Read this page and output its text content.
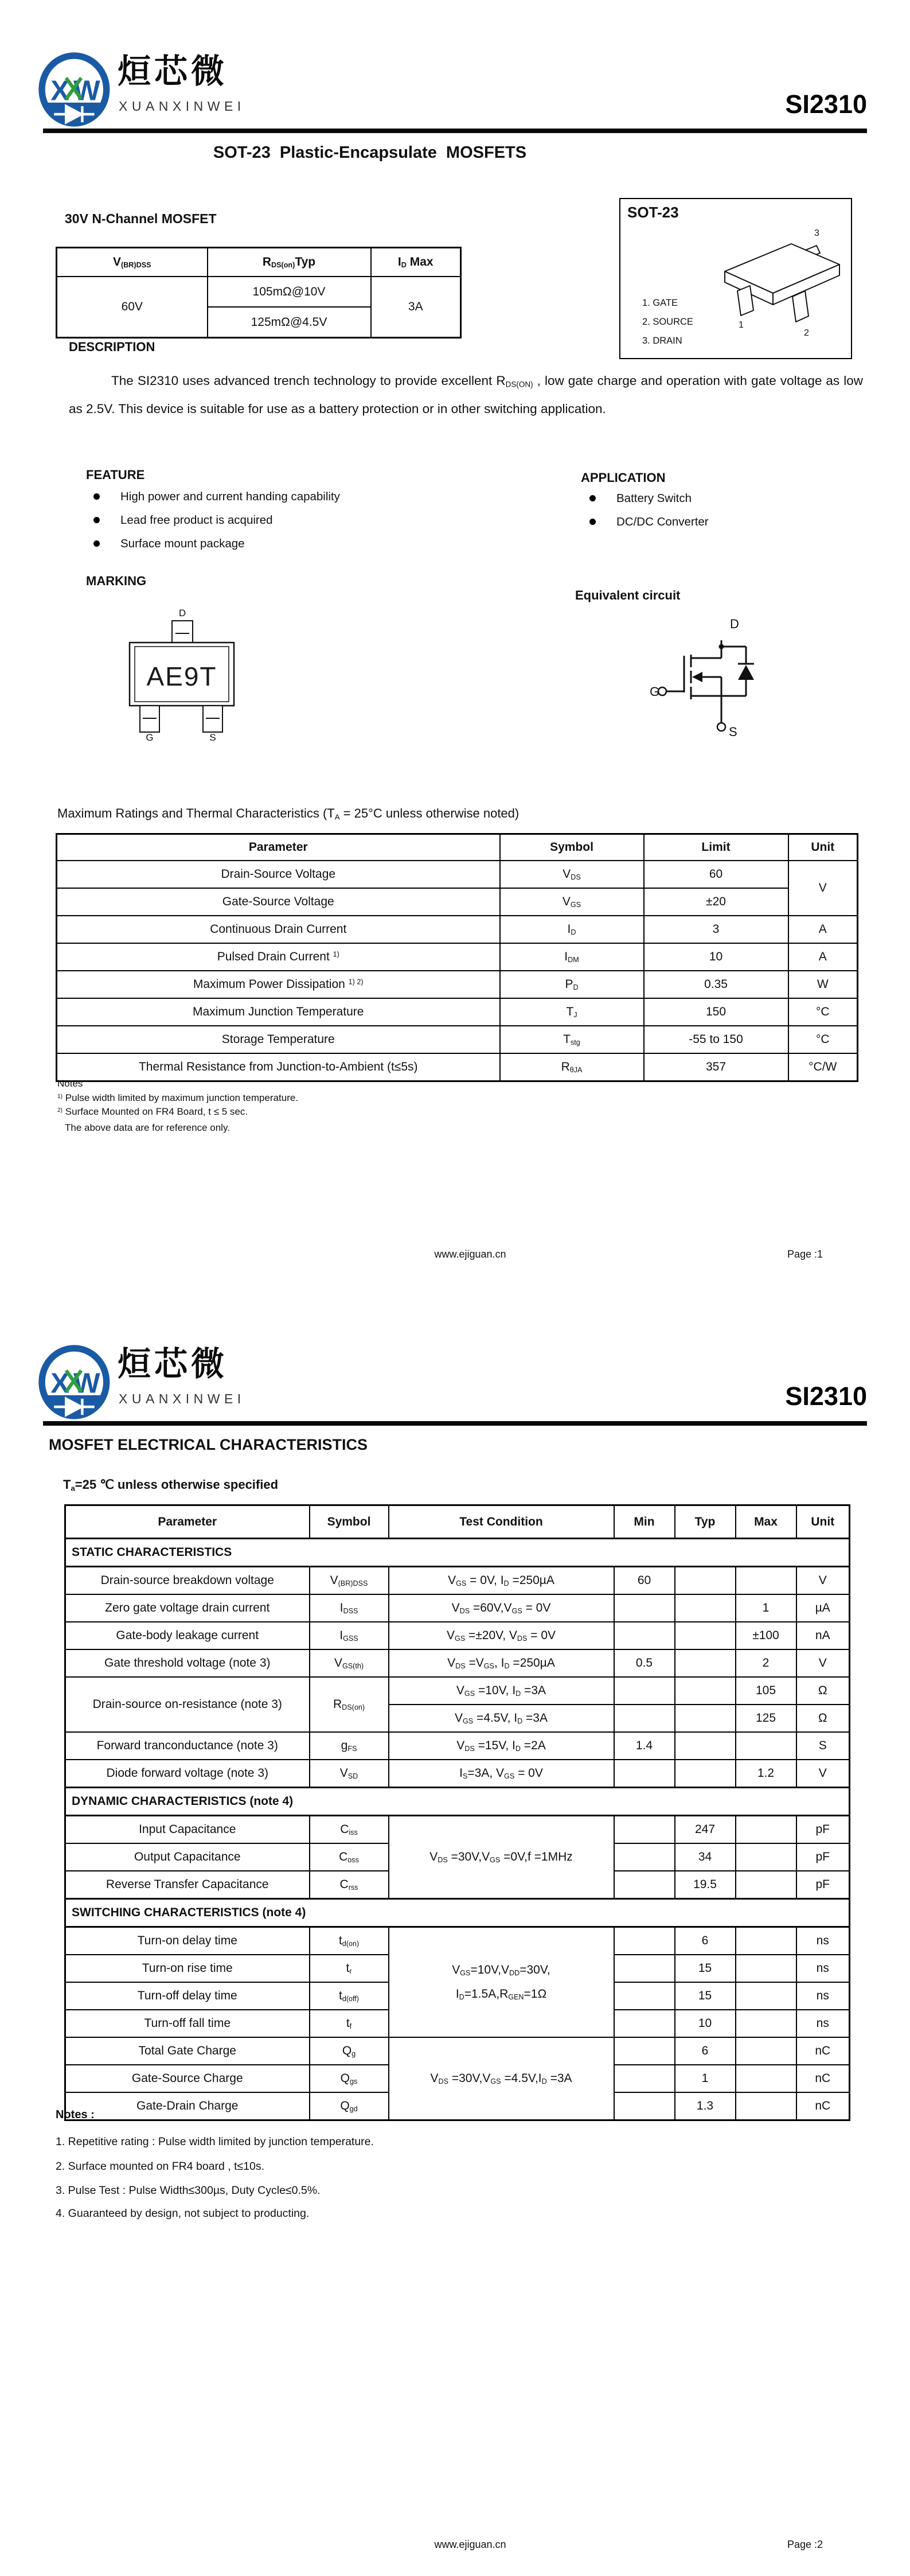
X W
烜芯微
XUANXINWEI	SI2310
SOT-23 Plastic-Encapsulate MOSFETS
30V N-Channel MOSFET
$V_{(BR)DSS}$	$R_{DS(on)}Typ$	$I_D$ Max
60V	105mΩ@10V	3A
	125mΩ@4.5V	
SOT-23
1. GATE
2. SOURCE
3. DRAIN
3
1
2
DESCRIPTION
The SI2310 uses advanced trench technology to provide excellent $R_{DS(ON)}$ , low gate charge and operation with gate voltage as low as 2.5V. This device is suitable for use as a battery protection or in other switching application.
FEATURE
High power and current handing capability
Lead free product is acquired
Surface mount package
APPLICATION
Battery Switch
DC/DC Converter
MARKING
D
AE9T
G	S
Equivalent circuit
D
G
S
Maximum Ratings and Thermal Characteristics ($T_A = 25^\circ C$ unless otherwise noted)
Parameter	Symbol	Limit	Unit
Drain-Source Voltage	$V_{DS}$	60	V
Gate-Source Voltage	$V_{GS}$	±20	
Continuous Drain Current	$I_D$	3	A
Pulsed Drain Current $^{1)}$	$I_{DM}$	10	A
Maximum Power Dissipation $^{1) 2)}$	$P_D$	0.35	W
Maximum Junction Temperature	$T_J$	150	°C
Storage Temperature	$T_{stg}$	-55 to 150	°C
Thermal Resistance from Junction-to-Ambient (t≤5s)	$R_{\theta JA}$	357	°C/W
Notes
$^{1)}$ Pulse width limited by maximum junction temperature.
$^{2)}$ Surface Mounted on FR4 Board, t ≤ 5 sec.
The above data are for reference only.
www.ejiguan.cn	Page :1
X W
烜芯微
XUANXINWEI	SI2310
MOSFET ELECTRICAL CHARACTERISTICS
$T_a=25$ ℃ unless otherwise specified
Parameter	Symbol	Test Condition	Min	Typ	Max	Unit
STATIC CHARACTERISTICS						
Drain-source breakdown voltage	$V_{(BR)DSS}$	$V_{GS} = 0V$, $I_D =250\mu A$	60			V
Zero gate voltage drain current	$I_{DSS}$	$V_{DS} =60V,V_{GS} = 0V$			1	µA
Gate-body leakage current	$I_{GSS}$	$V_{GS} =\pm 20V$, $V_{DS} = 0V$			±100	nA
Gate threshold voltage (note 3)	$V_{GS(th)}$	$V_{DS} =V_{GS}$, $I_D =250\mu A$	0.5		2	V
Drain-source on-resistance (note 3)	$R_{DS(on)}$	$V_{GS} =10V$, $I_D =3A$			105	Ω
		$V_{GS} =4.5V$, $I_D =3A$			125	Ω
Forward tranconductance (note 3)	$g_{FS}$	$V_{DS} =15V$, $I_D =2A$	1.4			S
Diode forward voltage (note 3)	$V_{SD}$	$I_S=3A$, $V_{GS} = 0V$			1.2	V
DYNAMIC CHARACTERISTICS (note 4)						
Input Capacitance	$C_{iss}$	$V_{DS} =30V,V_{GS} =0V,f =1MHz$		247		pF
Output Capacitance	$C_{oss}$			34		pF
Reverse Transfer Capacitance	$C_{rss}$			19.5		pF
SWITCHING CHARACTERISTICS (note 4)						
Turn-on delay time	$t_{d(on)}$	$V_{GS}=10V,V_{DD}=30V$,
$I_D=1.5A,R_{GEN}=1\Omega$		6		ns
Turn-on rise time	$t_r$			15		ns
Turn-off delay time	$t_{d(off)}$			15		ns
Turn-off fall time	$t_f$			10		ns
Total Gate Charge	$Q_g$	$V_{DS} =30V,V_{GS} =4.5V,I_D =3A$		6		nC
Gate-Source Charge	$Q_{gs}$			1		nC
Gate-Drain Charge	$Q_{gd}$			1.3		nC
Notes :
1. Repetitive rating : Pulse width limited by junction temperature.
2. Surface mounted on FR4 board , t≤10s.
3. Pulse Test : Pulse Width≤300µs, Duty Cycle≤0.5%.
4. Guaranteed by design, not subject to producting.
www.ejiguan.cn	Page :2
